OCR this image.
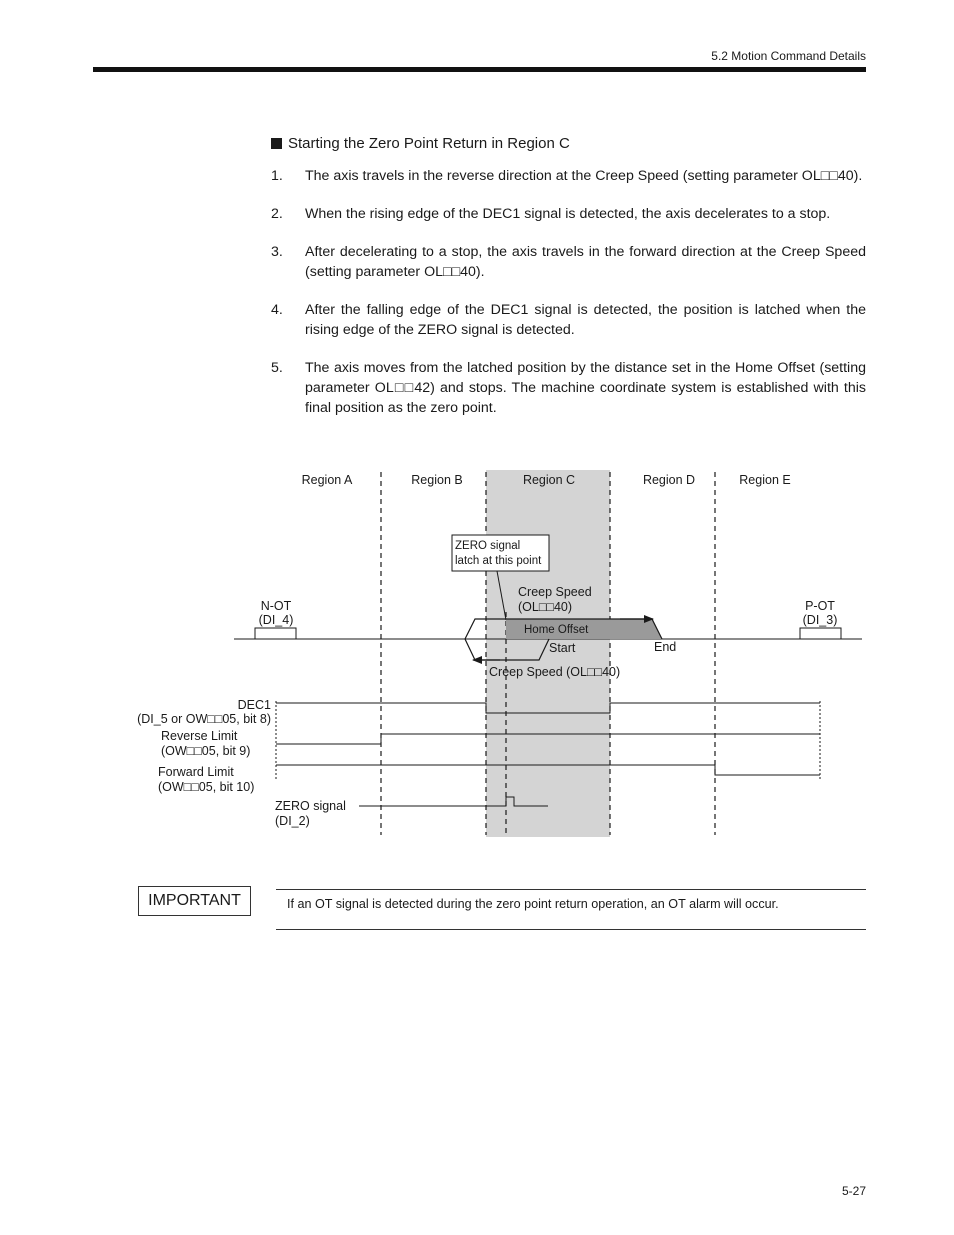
5.2 Motion Command Details
Starting the Zero Point Return in Region C
1. The axis travels in the reverse direction at the Creep Speed (setting parameter OL□□40).
2. When the rising edge of the DEC1 signal is detected, the axis decelerates to a stop.
3. After decelerating to a stop, the axis travels in the forward direction at the Creep Speed (setting parameter OL□□40).
4. After the falling edge of the DEC1 signal is detected, the position is latched when the rising edge of the ZERO signal is detected.
5. The axis moves from the latched position by the distance set in the Home Offset (setting parameter OL□□42) and stops. The machine coordinate system is established with this final position as the zero point.
Region A	Region B	Region C	Region D	Region E
N-OT
(DI_4)
P-OT
(DI_3)
ZERO signal
latch at this point
Creep Speed
(OL□□40)
Home Offset
Start	End
Creep Speed (OL□□40)
DEC1
(DI_5 or OW□□05, bit 8)
Reverse Limit
(OW□□05, bit 9)
Forward Limit
(OW□□05, bit 10)
ZERO signal
(DI_2)
IMPORTANT	If an OT signal is detected during the zero point return operation, an OT alarm will occur.
5-27
